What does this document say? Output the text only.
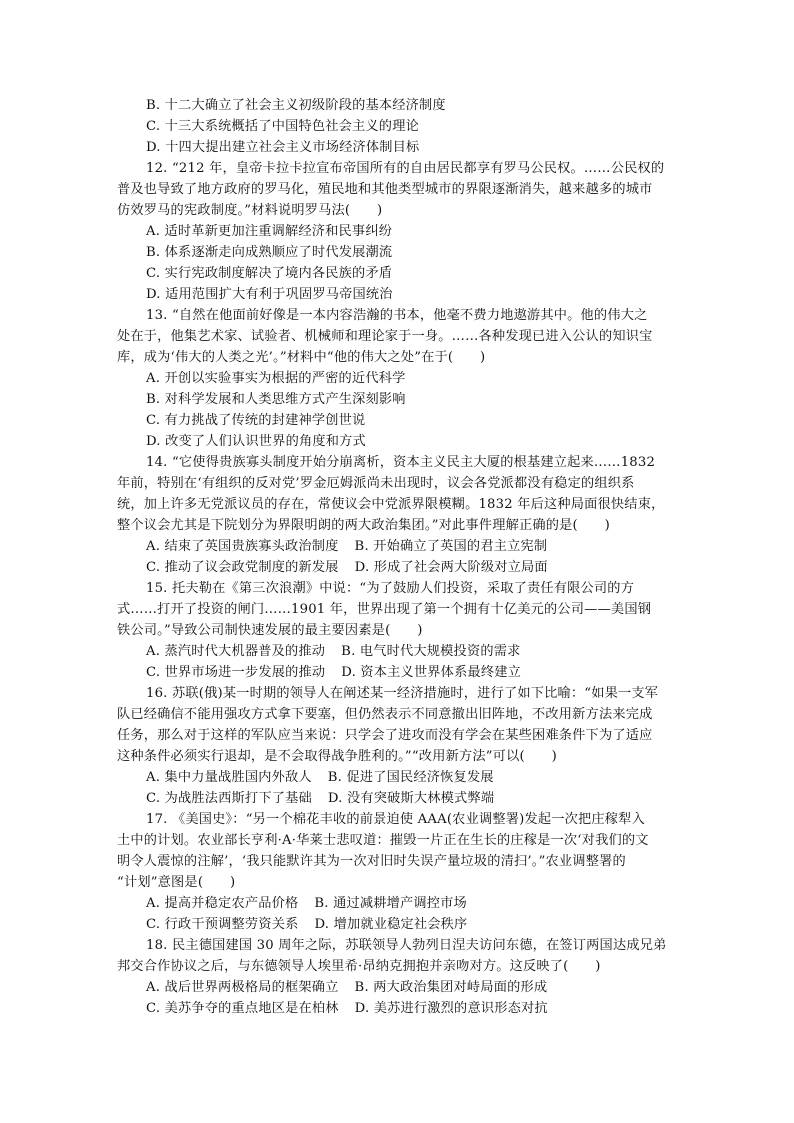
B. 十二大确立了社会主义初级阶段的基本经济制度
C. 十三大系统概括了中国特色社会主义的理论
D. 十四大提出建立社会主义市场经济体制目标
12. “212 年，皇帝卡拉卡拉宣布帝国所有的自由居民都享有罗马公民权。……公民权的
普及也导致了地方政府的罗马化，殖民地和其他类型城市的界限逐渐消失，越来越多的城市
仿效罗马的宪政制度。”材料说明罗马法(　　)
A. 适时革新更加注重调解经济和民事纠纷
B. 体系逐渐走向成熟顺应了时代发展潮流
C. 实行宪政制度解决了境内各民族的矛盾
D. 适用范围扩大有利于巩固罗马帝国统治
13. “自然在他面前好像是一本内容浩瀚的书本，他毫不费力地遨游其中。他的伟大之
处在于，他集艺术家、试验者、机械师和理论家于一身。……各种发现已进入公认的知识宝
库，成为‘伟大的人类之光’。”材料中“他的伟大之处”在于(　　)
A. 开创以实验事实为根据的严密的近代科学
B. 对科学发展和人类思维方式产生深刻影响
C. 有力挑战了传统的封建神学创世说
D. 改变了人们认识世界的角度和方式
14. “它使得贵族寡头制度开始分崩离析，资本主义民主大厦的根基建立起来……1832
年前，特别在‘有组织的反对党’罗金厄姆派尚未出现时，议会各党派都没有稳定的组织系
统，加上许多无党派议员的存在，常使议会中党派界限模糊。1832 年后这种局面很快结束，
整个议会尤其是下院划分为界限明朗的两大政治集团。”对此事件理解正确的是(　　)
A. 结束了英国贵族寡头政治制度 B. 开始确立了英国的君主立宪制
C. 推动了议会政党制度的新发展 D. 形成了社会两大阶级对立局面
15. 托夫勒在《第三次浪潮》中说：“为了鼓励人们投资，采取了责任有限公司的方
式……打开了投资的闸门……1901 年，世界出现了第一个拥有十亿美元的公司——美国钢
铁公司。”导致公司制快速发展的最主要因素是(　　)
A. 蒸汽时代大机器普及的推动 B. 电气时代大规模投资的需求
C. 世界市场进一步发展的推动 D. 资本主义世界体系最终建立
16. 苏联(俄)某一时期的领导人在阐述某一经济措施时，进行了如下比喻：“如果一支军
队已经确信不能用强攻方式拿下要塞，但仍然表示不同意撤出旧阵地，不改用新方法来完成
任务，那么对于这样的军队应当来说：只学会了进攻而没有学会在某些困难条件下为了适应
这种条件必须实行退却，是不会取得战争胜利的。”“改用新方法”可以(　　)
A. 集中力量战胜国内外敌人 B. 促进了国民经济恢复发展
C. 为战胜法西斯打下了基础 D. 没有突破斯大林模式弊端
17. 《美国史》：“另一个棉花丰收的前景迫使 AAA(农业调整署)发起一次把庄稼犁入
土中的计划。农业部长亨利·A·华莱士悲叹道：摧毁一片正在生长的庄稼是一次‘对我们的文
明令人震惊的注解’，‘我只能默许其为一次对旧时失误产量垃圾的清扫’。”农业调整署的
“计划”意图是(　　)
A. 提高并稳定农产品价格 B. 通过减耕增产调控市场
C. 行政干预调整劳资关系 D. 增加就业稳定社会秩序
18. 民主德国建国 30 周年之际，苏联领导人勃列日涅夫访问东德，在签订两国达成兄弟
邦交合作协议之后，与东德领导人埃里希·昂纳克拥抱并亲吻对方。这反映了(　　)
A. 战后世界两极格局的框架确立 B. 两大政治集团对峙局面的形成
C. 美苏争夺的重点地区是在柏林 D. 美苏进行激烈的意识形态对抗
